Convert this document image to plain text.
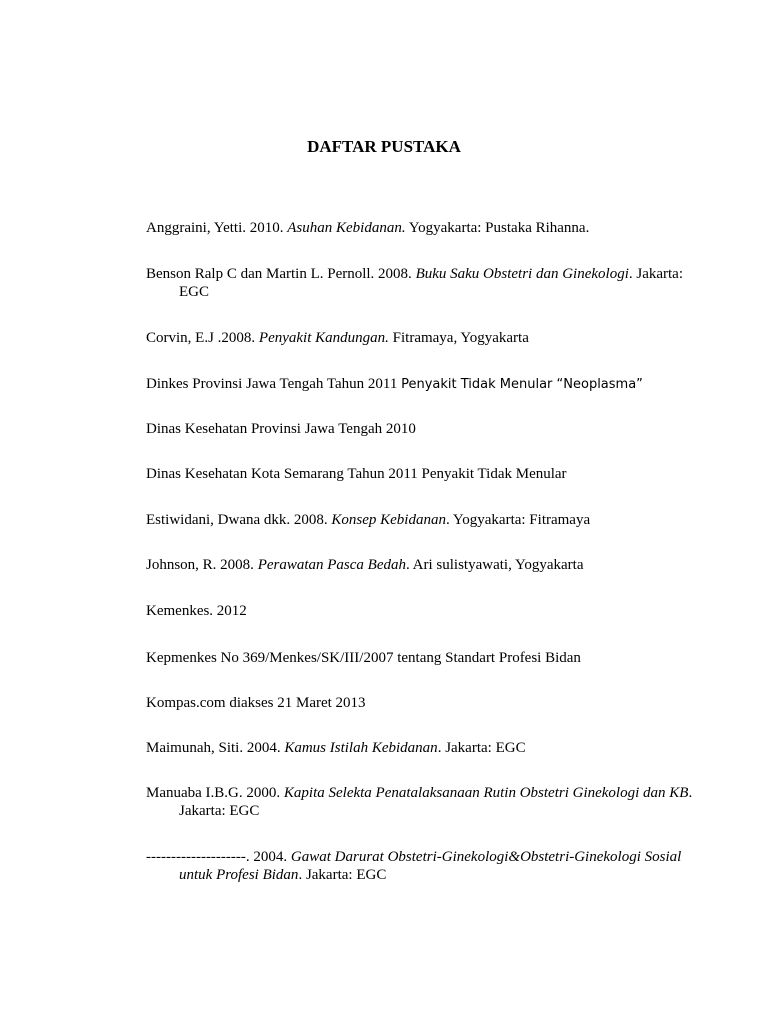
DAFTAR PUSTAKA
Anggraini, Yetti. 2010. Asuhan Kebidanan. Yogyakarta: Pustaka Rihanna.
Benson Ralp C dan Martin L. Pernoll. 2008. Buku Saku Obstetri dan Ginekologi. Jakarta: EGC
Corvin, E.J .2008. Penyakit Kandungan. Fitramaya, Yogyakarta
Dinkes Provinsi Jawa Tengah Tahun 2011 Penyakit Tidak Menular “Neoplasma”
Dinas Kesehatan Provinsi Jawa Tengah 2010
Dinas Kesehatan Kota Semarang Tahun 2011 Penyakit Tidak Menular
Estiwidani, Dwana dkk. 2008. Konsep Kebidanan. Yogyakarta: Fitramaya
Johnson, R. 2008. Perawatan Pasca Bedah. Ari sulistyawati, Yogyakarta
Kemenkes. 2012
Kepmenkes No 369/Menkes/SK/III/2007 tentang Standart Profesi Bidan
Kompas.com diakses 21 Maret 2013
Maimunah, Siti. 2004. Kamus Istilah Kebidanan. Jakarta: EGC
Manuaba I.B.G. 2000. Kapita Selekta Penatalaksanaan Rutin Obstetri Ginekologi dan KB. Jakarta: EGC
--------------------. 2004. Gawat Darurat Obstetri-Ginekologi&Obstetri-Ginekologi Sosial untuk Profesi Bidan. Jakarta: EGC
